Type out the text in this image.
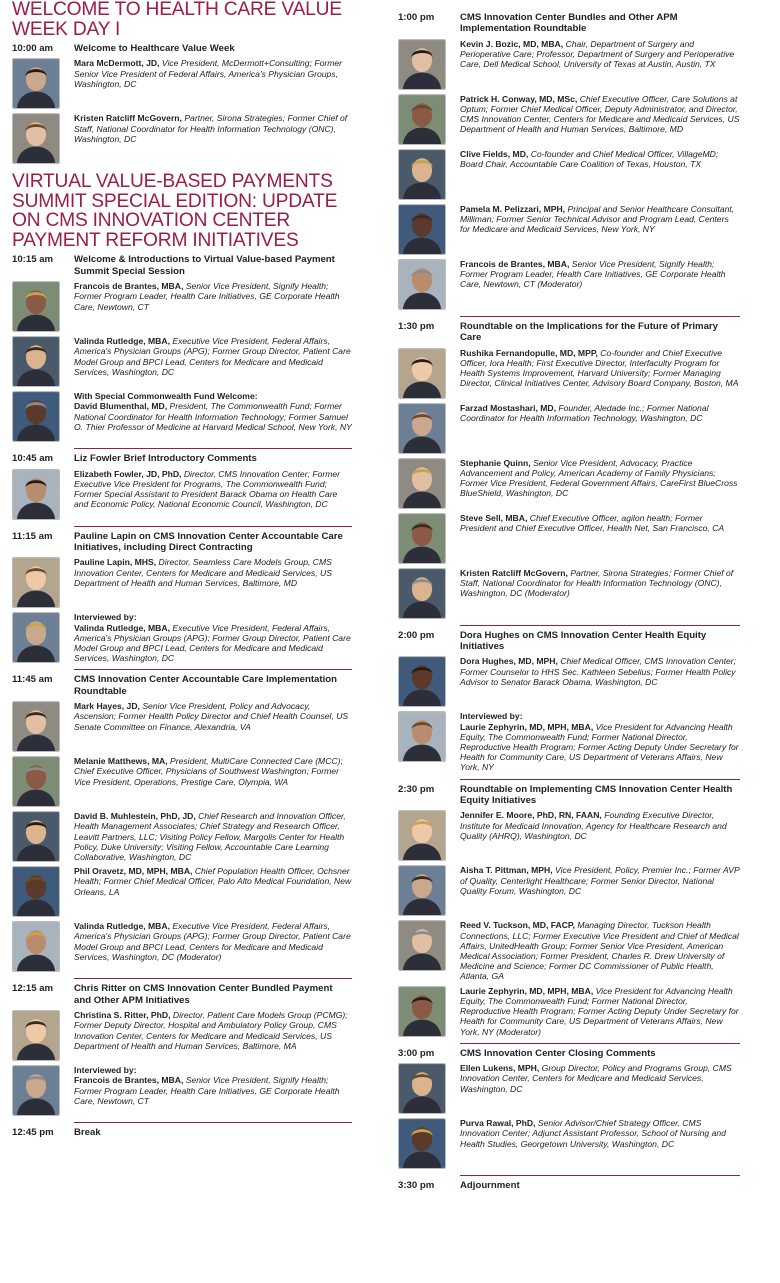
WELCOME TO HEALTH CARE VALUE WEEK DAY I
10:00 am	Welcome to Healthcare Value Week
Mara McDermott, JD, Vice President, McDermott+Consulting; Former Senior Vice President of Federal Affairs, America's Physician Groups, Washington, DC
Kristen Ratcliff McGovern, Partner, Sirona Strategies; Former Chief of Staff, National Coordinator for Health Information Technology (ONC), Washington, DC
VIRTUAL VALUE-BASED PAYMENTS SUMMIT SPECIAL EDITION: UPDATE ON CMS INNOVATION CENTER PAYMENT REFORM INITIATIVES
10:15 am	Welcome & Introductions to Virtual Value-based Payment Summit Special Session
Francois de Brantes, MBA, Senior Vice President, Signify Health; Former Program Leader, Health Care Initiatives, GE Corporate Health Care, Newtown, CT
Valinda Rutledge, MBA, Executive Vice President, Federal Affairs, America's Physician Groups (APG); Former Group Director, Patient Care Model Group and BPCI Lead, Centers for Medicare and Medicaid Services, Washington, DC
With Special Commonwealth Fund Welcome:
David Blumenthal, MD, President, The Commonwealth Fund; Former National Coordinator for Health Information Technology; Former Samuel O. Thier Professor of Medicine at Harvard Medical School, New York, NY
10:45 am	Liz Fowler Brief Introductory Comments
Elizabeth Fowler, JD, PhD, Director, CMS Innovation Center; Former Executive Vice President for Programs, The Commonwealth Fund; Former Special Assistant to President Barack Obama on Health Care and Economic Policy, National Economic Council, Washington, DC
11:15 am	Pauline Lapin on CMS Innovation Center Accountable Care Initiatives, including Direct Contracting
Pauline Lapin, MHS, Director, Seamless Care Models Group, CMS Innovation Center, Centers for Medicare and Medicaid Services, US Department of Health and Human Services, Baltimore, MD
Interviewed by:
Valinda Rutledge, MBA, Executive Vice President, Federal Affairs, America's Physician Groups (APG); Former Group Director, Patient Care Model Group and BPCI Lead, Centers for Medicare and Medicaid Services, Washington, DC
11:45 am	CMS Innovation Center Accountable Care Implementation Roundtable
Mark Hayes, JD, Senior Vice President, Policy and Advocacy, Ascension; Former Health Policy Director and Chief Health Counsel, US Senate Committee on Finance, Alexandria, VA
Melanie Matthews, MA, President, MultiCare Connected Care (MCC); Chief Executive Officer, Physicians of Southwest Washington; Former Vice President, Operations, Prestige Care, Olympia, WA
David B. Muhlestein, PhD, JD, Chief Research and Innovation Officer, Health Management Associates; Chief Strategy and Research Officer, Leavitt Partners, LLC; Visiting Policy Fellow, Margolis Center for Health Policy, Duke University; Visiting Fellow, Accountable Care Learning Collaborative, Washington, DC
Phil Oravetz, MD, MPH, MBA, Chief Population Health Officer, Ochsner Health; Former Chief Medical Officer, Palo Alto Medical Foundation, New Orleans, LA
Valinda Rutledge, MBA, Executive Vice President, Federal Affairs, America's Physician Groups (APG); Former Group Director, Patient Care Model Group and BPCI Lead, Centers for Medicare and Medicaid Services, Washington, DC (Moderator)
12:15 am	Chris Ritter on CMS Innovation Center Bundled Payment and Other APM Initiatives
Christina S. Ritter, PhD, Director, Patient Care Models Group (PCMG); Former Deputy Director, Hospital and Ambulatory Policy Group, CMS Innovation Center, Centers for Medicare and Medicaid Services, US Department of Health and Human Services, Baltimore, MA
Interviewed by:
Francois de Brantes, MBA, Senior Vice President, Signify Health; Former Program Leader, Health Care Initiatives, GE Corporate Health Care, Newtown, CT
12:45 pm	Break
1:00 pm	CMS Innovation Center Bundles and Other APM Implementation Roundtable
Kevin J. Bozic, MD, MBA, Chair, Department of Surgery and Perioperative Care; Professor, Department of Surgery and Perioperative Care, Dell Medical School, University of Texas at Austin, Austin, TX
Patrick H. Conway, MD, MSc, Chief Executive Officer, Care Solutions at Optum; Former Chief Medical Officer, Deputy Administrator, and Director, CMS Innovation Center, Centers for Medicare and Medicaid Services, US Department of Health and Human Services, Baltimore, MD
Clive Fields, MD, Co-founder and Chief Medical Officer, VillageMD; Board Chair, Accountable Care Coalition of Texas, Houston, TX
Pamela M. Pelizzari, MPH, Principal and Senior Healthcare Consultant, Milliman; Former Senior Technical Advisor and Program Lead, Centers for Medicare and Medicaid Services, New York, NY
Francois de Brantes, MBA, Senior Vice President, Signify Health; Former Program Leader, Health Care Initiatives, GE Corporate Health Care, Newtown, CT (Moderator)
1:30 pm	Roundtable on the Implications for the Future of Primary Care
Rushika Fernandopulle, MD, MPP, Co-founder and Chief Executive Officer, Iora Health; First Executive Director, Interfaculty Program for Health Systems Improvement, Harvard University; Former Managing Director, Clinical Initiatives Center, Advisory Board Company, Boston, MA
Farzad Mostashari, MD, Founder, Aledade Inc.; Former National Coordinator for Health Information Technology, Washington, DC
Stephanie Quinn, Senior Vice President, Advocacy, Practice Advancement and Policy, American Academy of Family Physicians; Former Vice President, Federal Government Affairs, CareFirst BlueCross BlueShield, Washington, DC
Steve Sell, MBA, Chief Executive Officer, agilon health; Former President and Chief Executive Officer, Health Net, San Francisco, CA
Kristen Ratcliff McGovern, Partner, Sirona Strategies; Former Chief of Staff, National Coordinator for Health Information Technology (ONC), Washington, DC (Moderator)
2:00 pm	Dora Hughes on CMS Innovation Center Health Equity Initiatives
Dora Hughes, MD, MPH, Chief Medical Officer, CMS Innovation Center; Former Counselor to HHS Sec. Kathleen Sebelius; Former Health Policy Advisor to Senator Barack Obama, Washington, DC
Interviewed by:
Laurie Zephyrin, MD, MPH, MBA, Vice President for Advancing Health Equity, The Commonwealth Fund; Former National Director, Reproductive Health Program; Former Acting Deputy Under Secretary for Health for Community Care, US Department of Veterans Affairs, New York, NY
2:30 pm	Roundtable on Implementing CMS Innovation Center Health Equity Initiatives
Jennifer E. Moore, PhD, RN, FAAN, Founding Executive Director, Institute for Medicaid Innovation, Agency for Healthcare Research and Quality (AHRQ), Washington, DC
Aisha T. Pittman, MPH, Vice President, Policy, Premier Inc.; Former AVP of Quality, Centerlight Healthcare; Former Senior Director, National Quality Forum, Washington, DC
Reed V. Tuckson, MD, FACP, Managing Director, Tuckson Health Connections, LLC; Former Executive Vice President and Chief of Medical Affairs, UnitedHealth Group; Former Senior Vice President, American Medical Association; Former President, Charles R. Drew University of Medicine and Science; Former DC Commissioner of Public Health, Atlanta, GA
Laurie Zephyrin, MD, MPH, MBA, Vice President for Advancing Health Equity, The Commonwealth Fund; Former National Director, Reproductive Health Program; Former Acting Deputy Under Secretary for Health for Community Care, US Department of Veterans Affairs, New York, NY (Moderator)
3:00 pm	CMS Innovation Center Closing Comments
Ellen Lukens, MPH, Group Director, Policy and Programs Group, CMS Innovation Center, Centers for Medicare and Medicaid Services, Washington, DC
Purva Rawal, PhD, Senior Advisor/Chief Strategy Officer, CMS Innovation Center; Adjunct Assistant Professor, School of Nursing and Health Studies, Georgetown University, Washington, DC
3:30 pm	Adjournment
